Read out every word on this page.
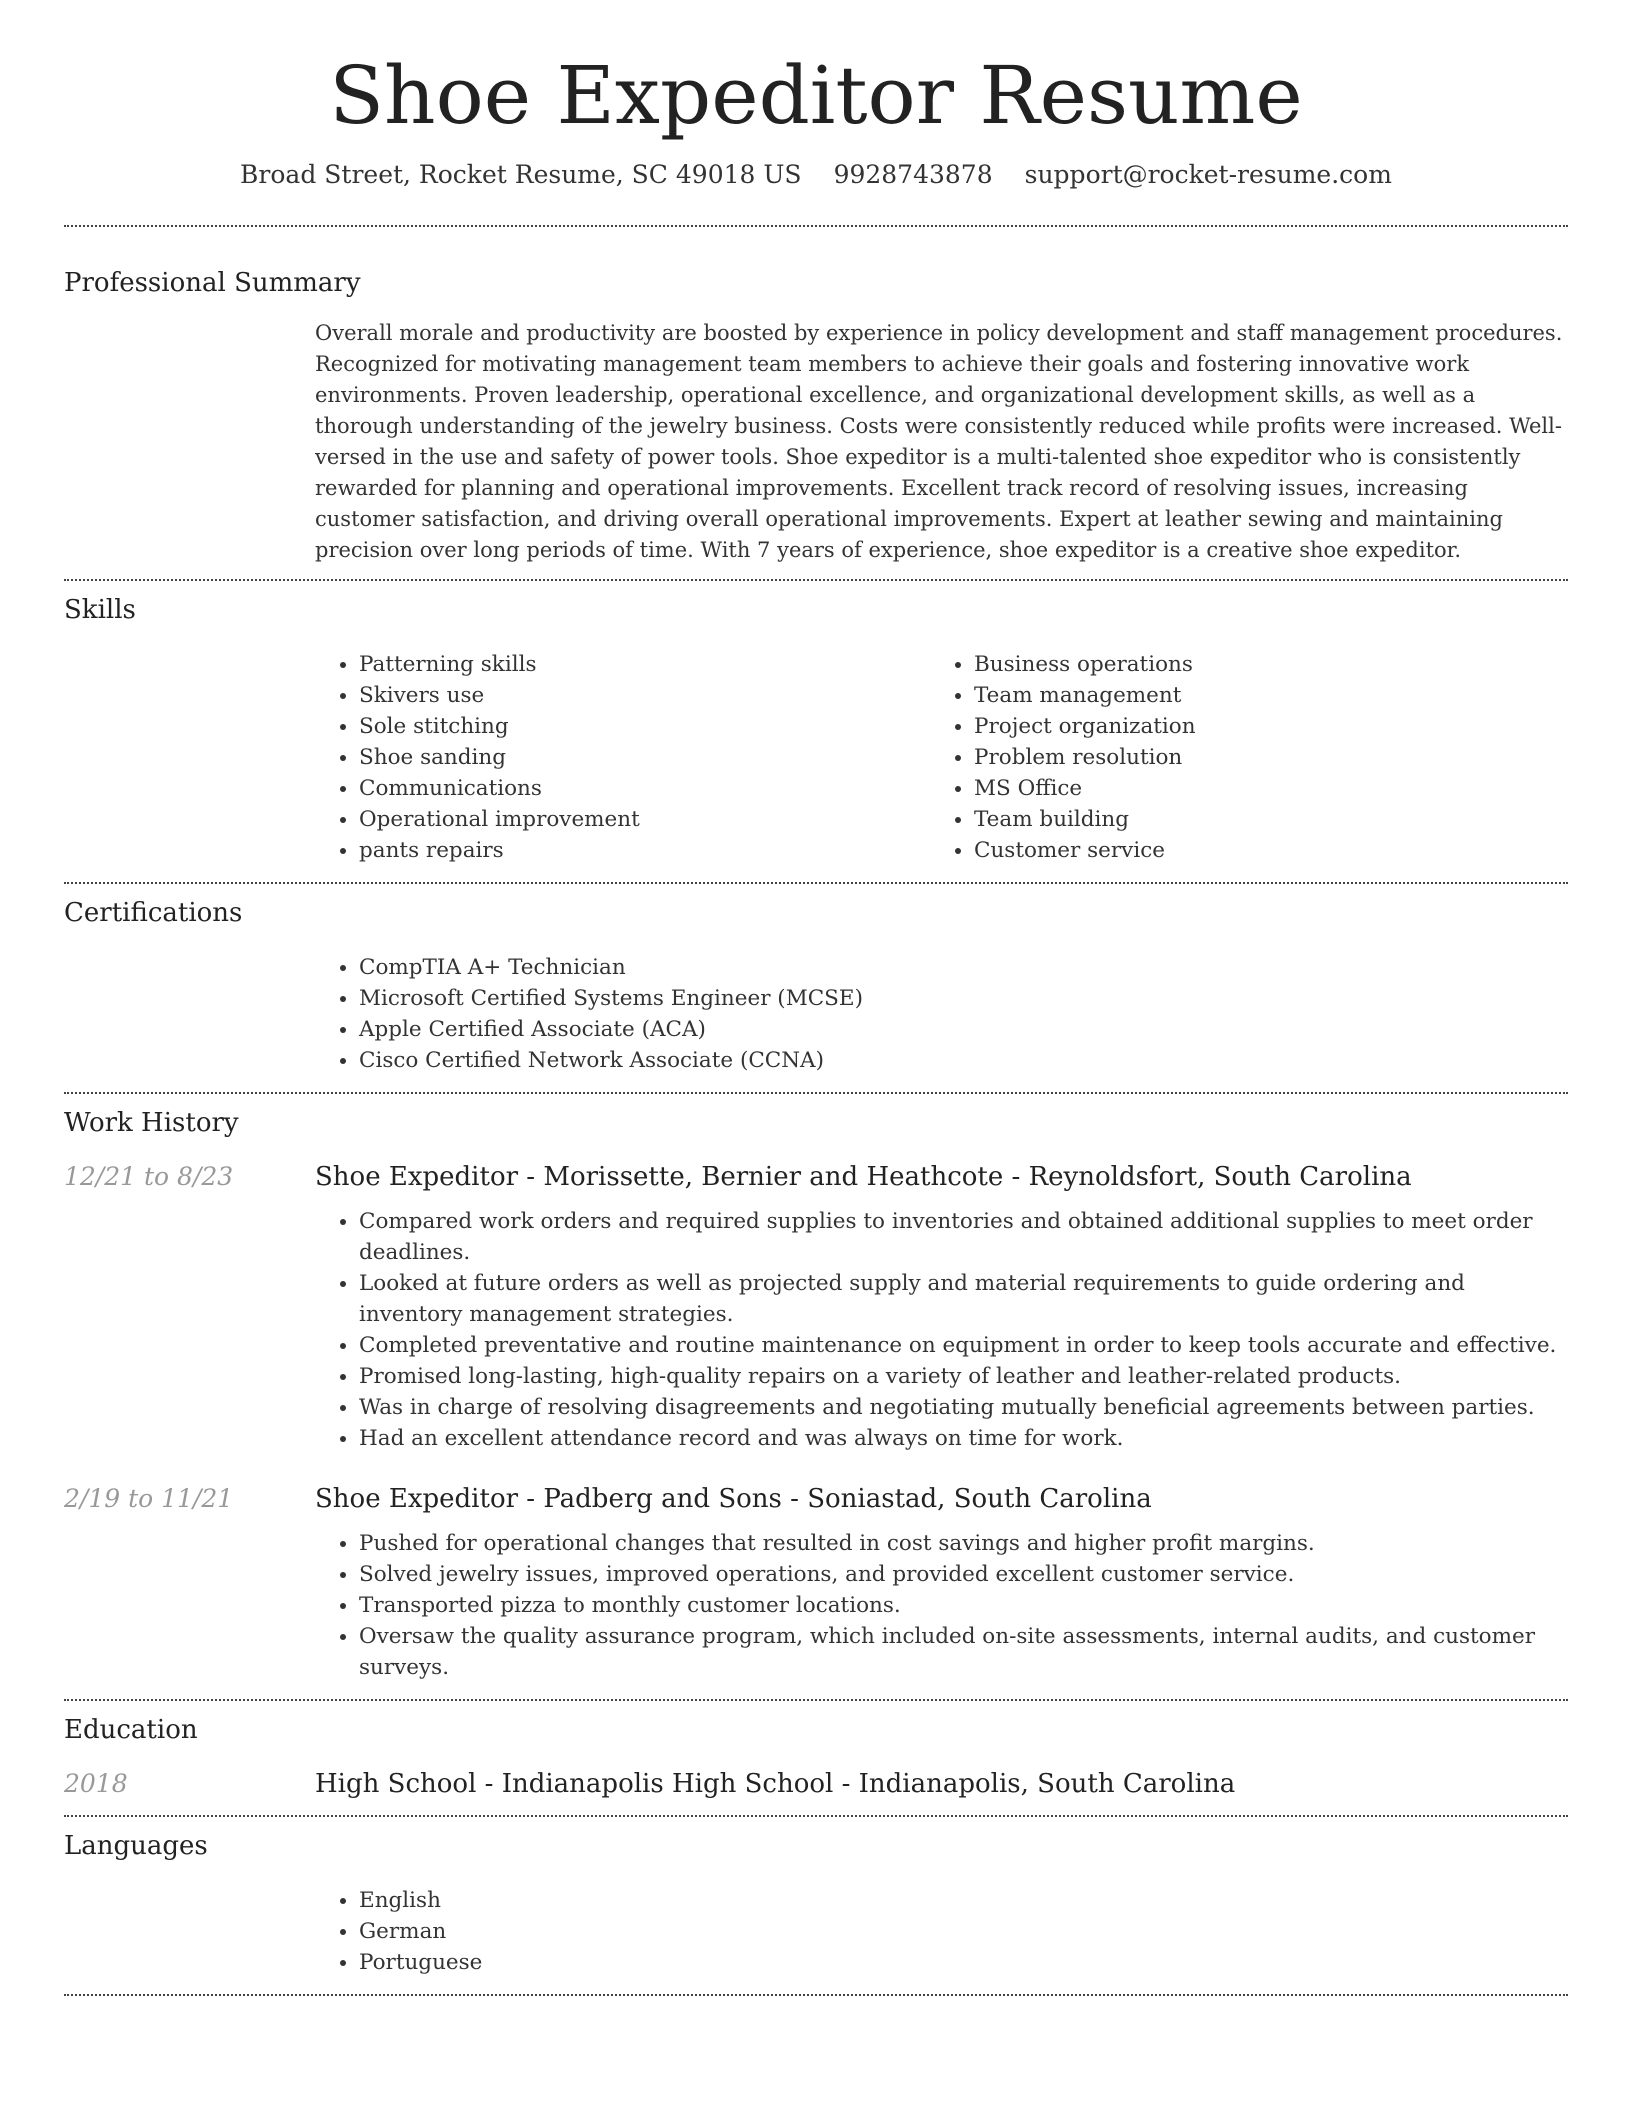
Shoe Expeditor Resume
Broad Street, Rocket Resume, SC 49018 US 9928743878 support@rocket-resume.com
Professional Summary

Overall morale and productivity are boosted by experience in policy development and staff management procedures. Recognized for motivating management team members to achieve their goals and fostering innovative work environments. Proven leadership, operational excellence, and organizational development skills, as well as a thorough understanding of the jewelry business. Costs were consistently reduced while profits were increased. Well-versed in the use and safety of power tools. Shoe expeditor is a multi-talented shoe expeditor who is consistently rewarded for planning and operational improvements. Excellent track record of resolving issues, increasing customer satisfaction, and driving overall operational improvements. Expert at leather sewing and maintaining precision over long periods of time. With 7 years of experience, shoe expeditor is a creative shoe expeditor.

Skills
• Patterning skills
• Skivers use
• Sole stitching
• Shoe sanding
• Communications
• Operational improvement
• pants repairs
• Business operations
• Team management
• Project organization
• Problem resolution
• MS Office
• Team building
• Customer service
Certifications
• CompTIA A+ Technician
• Microsoft Certified Systems Engineer (MCSE)
• Apple Certified Associate (ACA)
• Cisco Certified Network Associate (CCNA)
Work History
12/21 to 8/23	Shoe Expeditor - Morissette, Bernier and Heathcote - Reynoldsfort, South Carolina
• Compared work orders and required supplies to inventories and obtained additional supplies to meet order deadlines.
• Looked at future orders as well as projected supply and material requirements to guide ordering and inventory management strategies.
• Completed preventative and routine maintenance on equipment in order to keep tools accurate and effective.
• Promised long-lasting, high-quality repairs on a variety of leather and leather-related products.
• Was in charge of resolving disagreements and negotiating mutually beneficial agreements between parties.
• Had an excellent attendance record and was always on time for work.
2/19 to 11/21	Shoe Expeditor - Padberg and Sons - Soniastad, South Carolina
• Pushed for operational changes that resulted in cost savings and higher profit margins.
• Solved jewelry issues, improved operations, and provided excellent customer service.
• Transported pizza to monthly customer locations.
• Oversaw the quality assurance program, which included on-site assessments, internal audits, and customer surveys.
Education
2018	High School - Indianapolis High School - Indianapolis, South Carolina
Languages
• English
• German
• Portuguese
